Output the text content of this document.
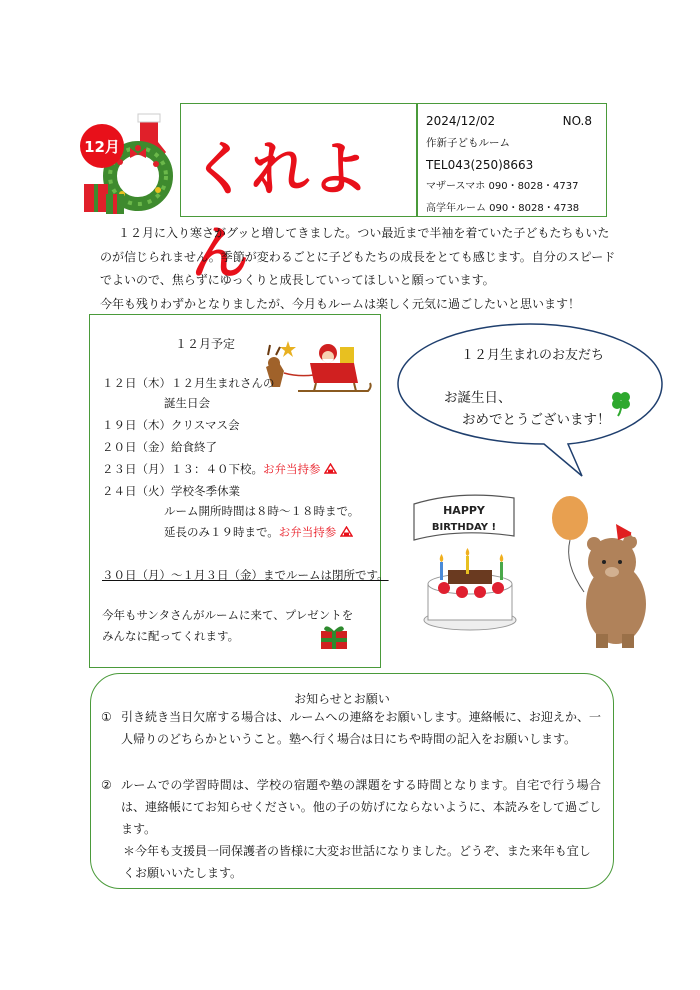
12月 くれよん
2024/12/02	NO.8
作新子どもルーム
TEL043(250)8663
マザースマホ 090・8028・4737
高学年ルーム 090・8028・4738

１２月に入り寒さがグッと増してきました。つい最近まで半袖を着ていた子どもたちもいたのが信じられません。季節が変わるごとに子どもたちの成長をとても感じます。自分のスピードでよいので、焦らずにゆっくりと成長していってほしいと願っています。

今年も残りわずかとなりましたが、今月もルームは楽しく元気に過ごしたいと思います！
１２月予定
１２日（木）１２月生まれさんの
誕生日会
１９日（木）クリスマス会
２０日（金）給食終了
２３日（月）１３：４０下校。お弁当持参
２４日（火）学校冬季休業
ルーム開所時間は８時～１８時まで。
延長のみ１９時まで。お弁当持参
３０日（月）～１月３日（金）までルームは閉所です。
今年もサンタさんがルームに来て、プレゼントを
みんなに配ってくれます。
１２月生まれのお友だち
お誕生日、
おめでとうございます！
HAPPY
BIRTHDAY !
お知らせとお願い
① 引き続き当日欠席する場合は、ルームへの連絡をお願いします。連絡帳に、お迎えか、一人帰りのどちらかということ。塾へ行く場合は日にちや時間の記入をお願いします。
② ルームでの学習時間は、学校の宿題や塾の課題をする時間となります。自宅で行う場合は、連絡帳にてお知らせください。他の子の妨げにならないように、本読みをして過ごします。
＊今年も支援員一同保護者の皆様に大変お世話になりました。どうぞ、また来年も宜しくお願いいたします。
